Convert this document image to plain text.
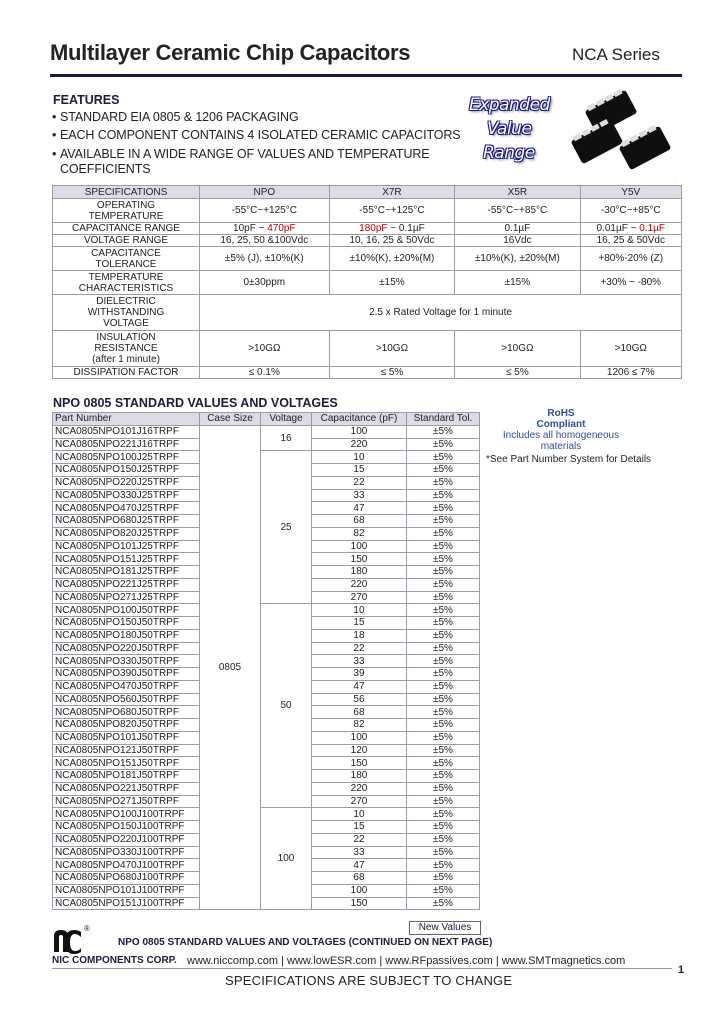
Multilayer Ceramic Chip Capacitors	NCA Series
FEATURES
• STANDARD EIA 0805 & 1206 PACKAGING
• EACH COMPONENT CONTAINS 4 ISOLATED CERAMIC CAPACITORS
• AVAILABLE IN A WIDE RANGE OF VALUES AND TEMPERATURE
COEFFICIENTS
Expanded
Value
Range
SPECIFICATIONS	NPO	X7R	X5R	Y5V

OPERATING
TEMPERATURE	-55°C~+125°C	-55°C~+125°C	-55°C~+85°C	-30°C~+85°C

CAPACITANCE RANGE	10pF ~ 470pF	180pF ~ 0.1µF	0.1µF	0.01µF ~ 0.1µF

VOLTAGE RANGE	16, 25, 50 &100Vdc	10, 16, 25 & 50Vdc	16Vdc	16, 25 & 50Vdc

CAPACITANCE
TOLERANCE	±5% (J), ±10%(K)	±10%(K), ±20%(M)	±10%(K), ±20%(M)	+80%-20% (Z)

TEMPERATURE
CHARACTERISTICS	0±30ppm	±15%	±15%	+30% ~ -80%

DIELECTRIC
WITHSTANDING
VOLTAGE	2.5 x Rated Voltage for 1 minute			

INSULATION
RESISTANCE
(after 1 minute)	>10GΩ	>10GΩ	>10GΩ	>10GΩ

DISSIPATION FACTOR	≤ 0.1%	≤ 5%	≤ 5%	1206 ≤ 7%
NPO 0805 STANDARD VALUES AND VOLTAGES
Part Number	Case Size	Voltage	Capacitance (pF)	Standard Tol.
NCA0805NPO101J16TRPF	0805	16	100	±5%
NCA0805NPO221J16TRPF			220	±5%
NCA0805NPO100J25TRPF		25	10	±5%
NCA0805NPO150J25TRPF			15	±5%
NCA0805NPO220J25TRPF			22	±5%
NCA0805NPO330J25TRPF			33	±5%
NCA0805NPO470J25TRPF			47	±5%
NCA0805NPO680J25TRPF			68	±5%
NCA0805NPO820J25TRPF			82	±5%
NCA0805NPO101J25TRPF			100	±5%
NCA0805NPO151J25TRPF			150	±5%
NCA0805NPO181J25TRPF			180	±5%
NCA0805NPO221J25TRPF			220	±5%
NCA0805NPO271J25TRPF			270	±5%
NCA0805NPO100J50TRPF		50	10	±5%
NCA0805NPO150J50TRPF			15	±5%
NCA0805NPO180J50TRPF			18	±5%
NCA0805NPO220J50TRPF			22	±5%
NCA0805NPO330J50TRPF			33	±5%
NCA0805NPO390J50TRPF			39	±5%
NCA0805NPO470J50TRPF			47	±5%
NCA0805NPO560J50TRPF			56	±5%
NCA0805NPO680J50TRPF			68	±5%
NCA0805NPO820J50TRPF			82	±5%
NCA0805NPO101J50TRPF			100	±5%
NCA0805NPO121J50TRPF			120	±5%
NCA0805NPO151J50TRPF			150	±5%
NCA0805NPO181J50TRPF			180	±5%
NCA0805NPO221J50TRPF			220	±5%
NCA0805NPO271J50TRPF			270	±5%
NCA0805NPO100J100TRPF		100	10	±5%
NCA0805NPO150J100TRPF			15	±5%
NCA0805NPO220J100TRPF			22	±5%
NCA0805NPO330J100TRPF			33	±5%
NCA0805NPO470J100TRPF			47	±5%
NCA0805NPO680J100TRPF			68	±5%
NCA0805NPO101J100TRPF			100	±5%
NCA0805NPO151J100TRPF			150	±5%
RoHS
Compliant
Includes all homogeneous materials
*See Part Number System for Details
New Values
NPO 0805 STANDARD VALUES AND VOLTAGES (CONTINUED ON NEXT PAGE)
®
NIC COMPONENTS CORP. www.niccomp.com | www.lowESR.com | www.RFpassives.com | www.SMTmagnetics.com
1
SPECIFICATIONS ARE SUBJECT TO CHANGE
